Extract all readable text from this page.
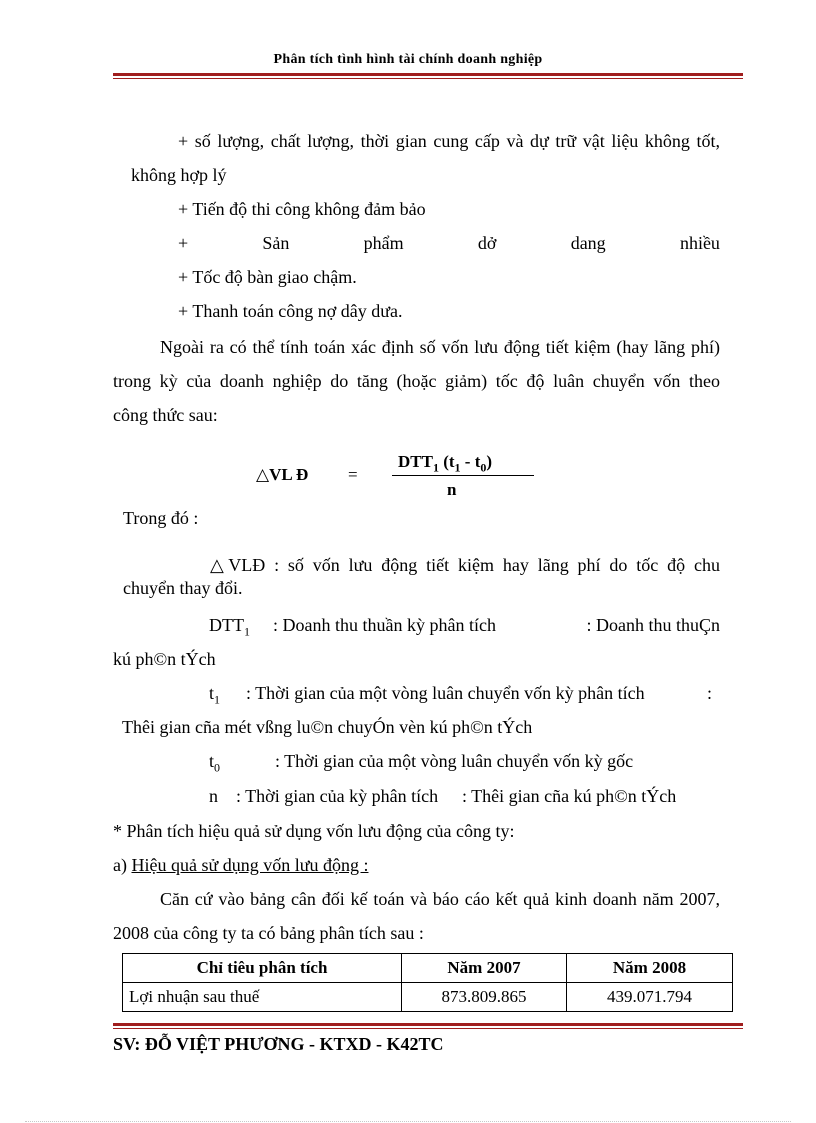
Phân tích tình hình tài chính doanh nghiệp
+ số lượng, chất lượng, thời gian cung cấp và dự trữ vật liệu không tốt,
không hợp lý
+ Tiến độ thi công không đảm bảo
+	Sản	phẩm	dở	dang	nhiều
+ Tốc độ bàn giao chậm.
+ Thanh toán công nợ dây dưa.
Ngoài ra có thể tính toán xác định số vốn lưu động tiết kiệm (hay lãng phí)
trong kỳ của doanh nghiệp do tăng (hoặc giảm) tốc độ luân chuyển vốn theo
công thức sau:
△VL Đ =
$DTT_1$ $(t_1 - t_0)$
n
Trong đó :
△VLĐ : số vốn lưu động tiết kiệm hay lãng phí do tốc độ chu
chuyển thay đổi.
$DTT_1$ : Doanh thu thuần kỳ phân tích	: Doanh thu thuÇn
kú ph©n tÝch
$t_1$ : Thời gian của một vòng luân chuyển vốn kỳ phân tích	:
Thêi gian cña mét vßng lu©n chuyÓn vèn kú ph©n tÝch
$t_0$	: Thời gian của một vòng luân chuyển vốn kỳ gốc
n : Thời gian của kỳ phân tích : Thêi gian cña kú ph©n tÝch
* Phân tích hiệu quả sử dụng vốn lưu động của công ty:
a) Hiệu quả sử dụng vốn lưu động :
Căn cứ vào bảng cân đối kế toán và báo cáo kết quả kinh doanh năm 2007,
2008 của công ty ta có bảng phân tích sau :
Chỉ tiêu phân tích	Năm 2007	Năm 2008
Lợi nhuận sau thuế	873.809.865	439.071.794
SV: ĐỖ VIỆT PHƯƠNG - KTXD - K42TC
